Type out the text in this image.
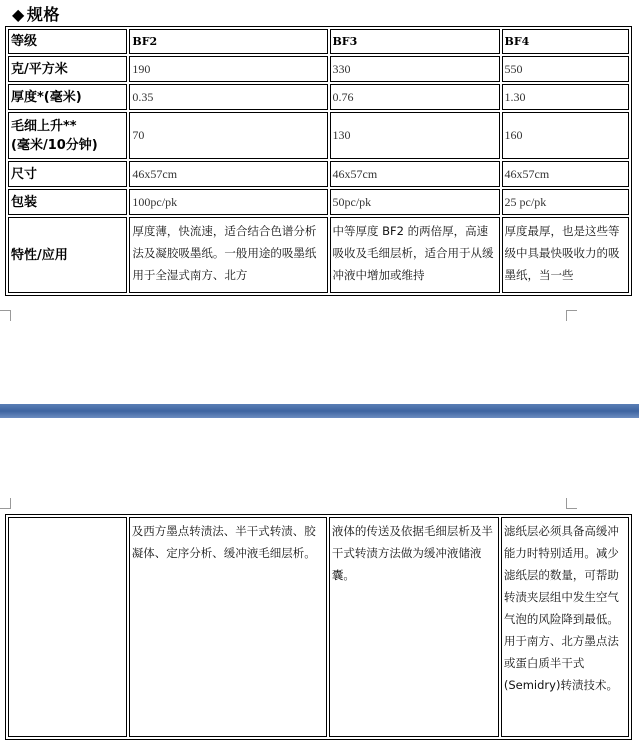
◆ 规格
等级	BF2	BF3	BF4
克/平方米	190	330	550
厚度*(毫米)	0.35	0.76	1.30

毛细上升**
(毫米/10分钟)	70	130	160
尺寸	46x57cm	46x57cm	46x57cm
包装	100pc/pk	50pc/pk	25 pc/pk
特性/应用	厚度薄，快流速，适合结合色谱分析法及凝胶吸墨纸。一般用途的吸墨纸用于全湿式南方、北方	中等厚度 BF2 的两倍厚，高速吸收及毛细层析，适合用于从缓冲液中增加或维持	厚度最厚，也是这些等级中具最快吸收力的吸墨纸，当一些
	及西方墨点转渍法、半干式转渍、胶凝体、定序分析、缓冲液毛细层析。	液体的传送及依据毛细层析及半干式转渍方法做为缓冲液储液囊。	滤纸层必须具备高缓冲能力时特别适用。减少滤纸层的数量，可帮助转渍夹层组中发生空气气泡的风险降到最低。用于南方、北方墨点法或蛋白质半干式(Semidry)转渍技术。
